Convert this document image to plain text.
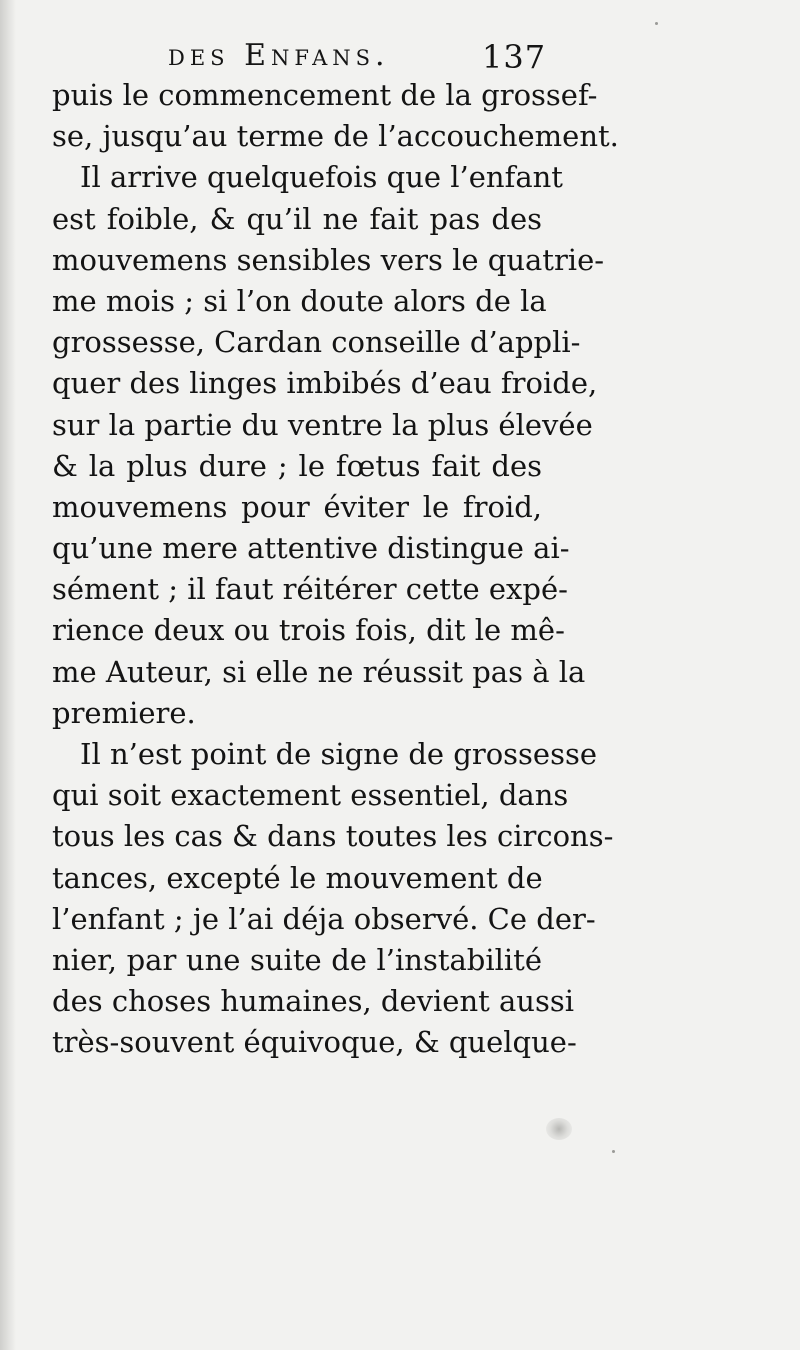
des Enfans.	137
puis le commencement de la grossef-
se, jusqu’au terme de l’accouchement.
Il arrive quelquefois que l’enfant
est foible, & qu’il ne fait pas des
mouvemens sensibles vers le quatrie-
me mois ; si l’on doute alors de la
grossesse, Cardan conseille d’appli-
quer des linges imbibés d’eau froide,
sur la partie du ventre la plus élevée
& la plus dure ; le fœtus fait des
mouvemens pour éviter le froid,
qu’une mere attentive distingue ai-
sément ; il faut réitérer cette expé-
rience deux ou trois fois, dit le mê-
me Auteur, si elle ne réussit pas à la
premiere.
Il n’est point de signe de grossesse
qui soit exactement essentiel, dans
tous les cas & dans toutes les circons-
tances, excepté le mouvement de
l’enfant ; je l’ai déja observé. Ce der-
nier, par une suite de l’instabilité
des choses humaines, devient aussi
très-souvent équivoque, & quelque-
